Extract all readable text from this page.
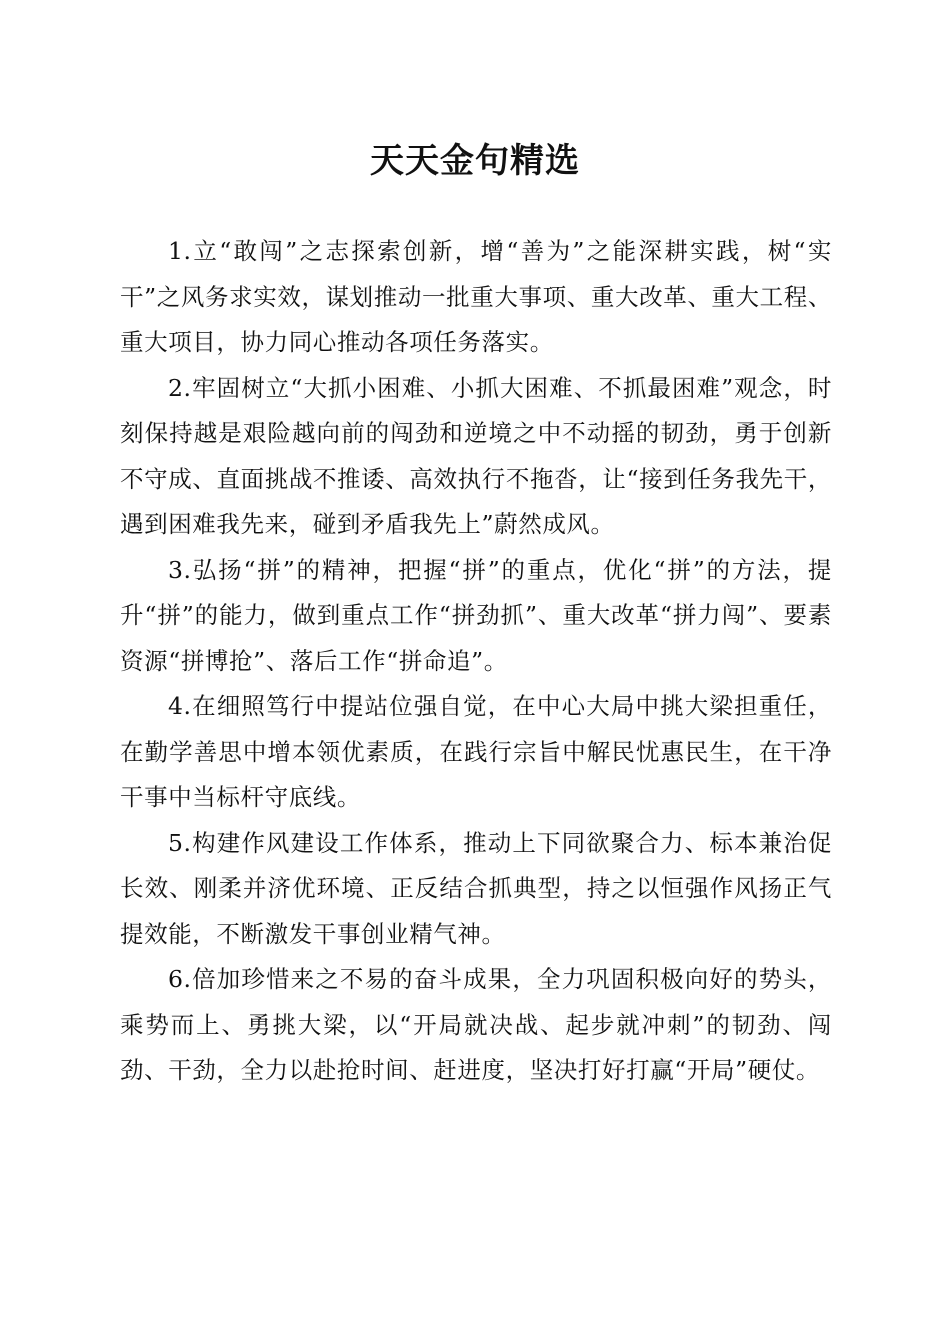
天天金句精选

1.立“敢闯”之志探索创新，增“善为”之能深耕实践，树“实干”之风务求实效，谋划推动一批重大事项、重大改革、重大工程、重大项目，协力同心推动各项任务落实。

2.牢固树立“大抓小困难、小抓大困难、不抓最困难”观念，时刻保持越是艰险越向前的闯劲和逆境之中不动摇的韧劲，勇于创新不守成、直面挑战不推诿、高效执行不拖沓，让“接到任务我先干，遇到困难我先来，碰到矛盾我先上”蔚然成风。

3.弘扬“拼”的精神，把握“拼”的重点，优化“拼”的方法，提升“拼”的能力，做到重点工作“拼劲抓”、重大改革“拼力闯”、要素资源“拼博抢”、落后工作“拼命追”。

4.在细照笃行中提站位强自觉，在中心大局中挑大梁担重任，在勤学善思中增本领优素质，在践行宗旨中解民忧惠民生，在干净干事中当标杆守底线。

5.构建作风建设工作体系，推动上下同欲聚合力、标本兼治促长效、刚柔并济优环境、正反结合抓典型，持之以恒强作风扬正气提效能，不断激发干事创业精气神。

6.倍加珍惜来之不易的奋斗成果，全力巩固积极向好的势头，乘势而上、勇挑大梁，以“开局就决战、起步就冲刺”的韧劲、闯劲、干劲，全力以赴抢时间、赶进度，坚决打好打赢“开局”硬仗。
